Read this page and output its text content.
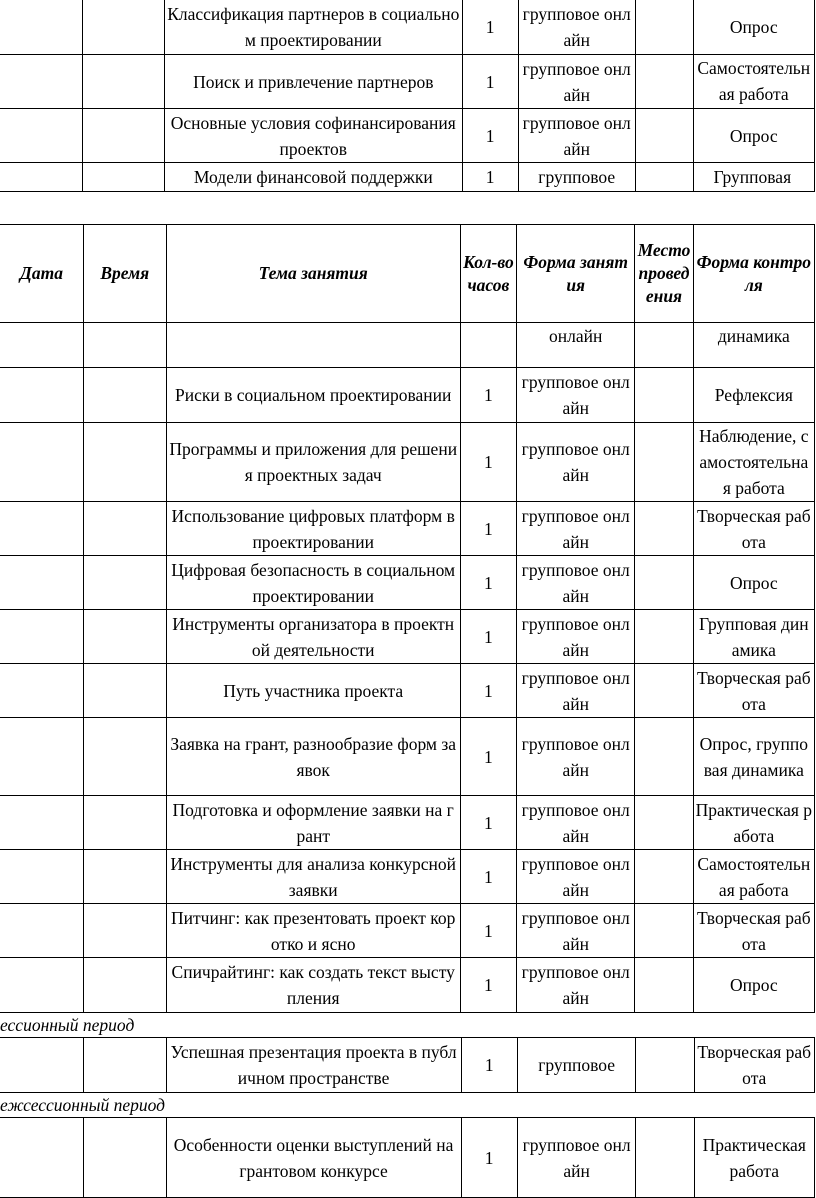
		Классификация партнеров в социальном проектировании	1	групповое онлайн		Опрос
		Поиск и привлечение партнеров	1	групповое онлайн		Самостоятельная работа
		Основные условия софинансирования проектов	1	групповое онлайн		Опрос
		Модели финансовой поддержки	1	групповое		Групповая
Дата	Время	Тема занятия	Кол-во часов	Форма занятия	Место проведения	Форма контроля
				онлайн		динамика
		Риски в социальном проектировании	1	групповое онлайн		Рефлексия
		Программы и приложения для решения проектных задач	1	групповое онлайн		Наблюдение, самостоятельная работа
		Использование цифровых платформ в проектировании	1	групповое онлайн		Творческая работа
		Цифровая безопасность в социальном проектировании	1	групповое онлайн		Опрос
		Инструменты организатора в проектной деятельности	1	групповое онлайн		Групповая динамика
		Путь участника проекта	1	групповое онлайн		Творческая работа
		Заявка на грант, разнообразие форм заявок	1	групповое онлайн		Опрос, групповая динамика
		Подготовка и оформление заявки на грант	1	групповое онлайн		Практическая работа
		Инструменты для анализа конкурсной заявки	1	групповое онлайн		Самостоятельная работа
		Питчинг: как презентовать проект коротко и ясно	1	групповое онлайн		Творческая работа
		Спичрайтинг: как создать текст выступления	1	групповое онлайн		Опрос
ессионный период
		Успешная презентация проекта в публичном пространстве	1	групповое		Творческая работа
ежсессионный период
		Особенности оценки выступлений на грантовом конкурсе	1	групповое онлайн		Практическая работа
